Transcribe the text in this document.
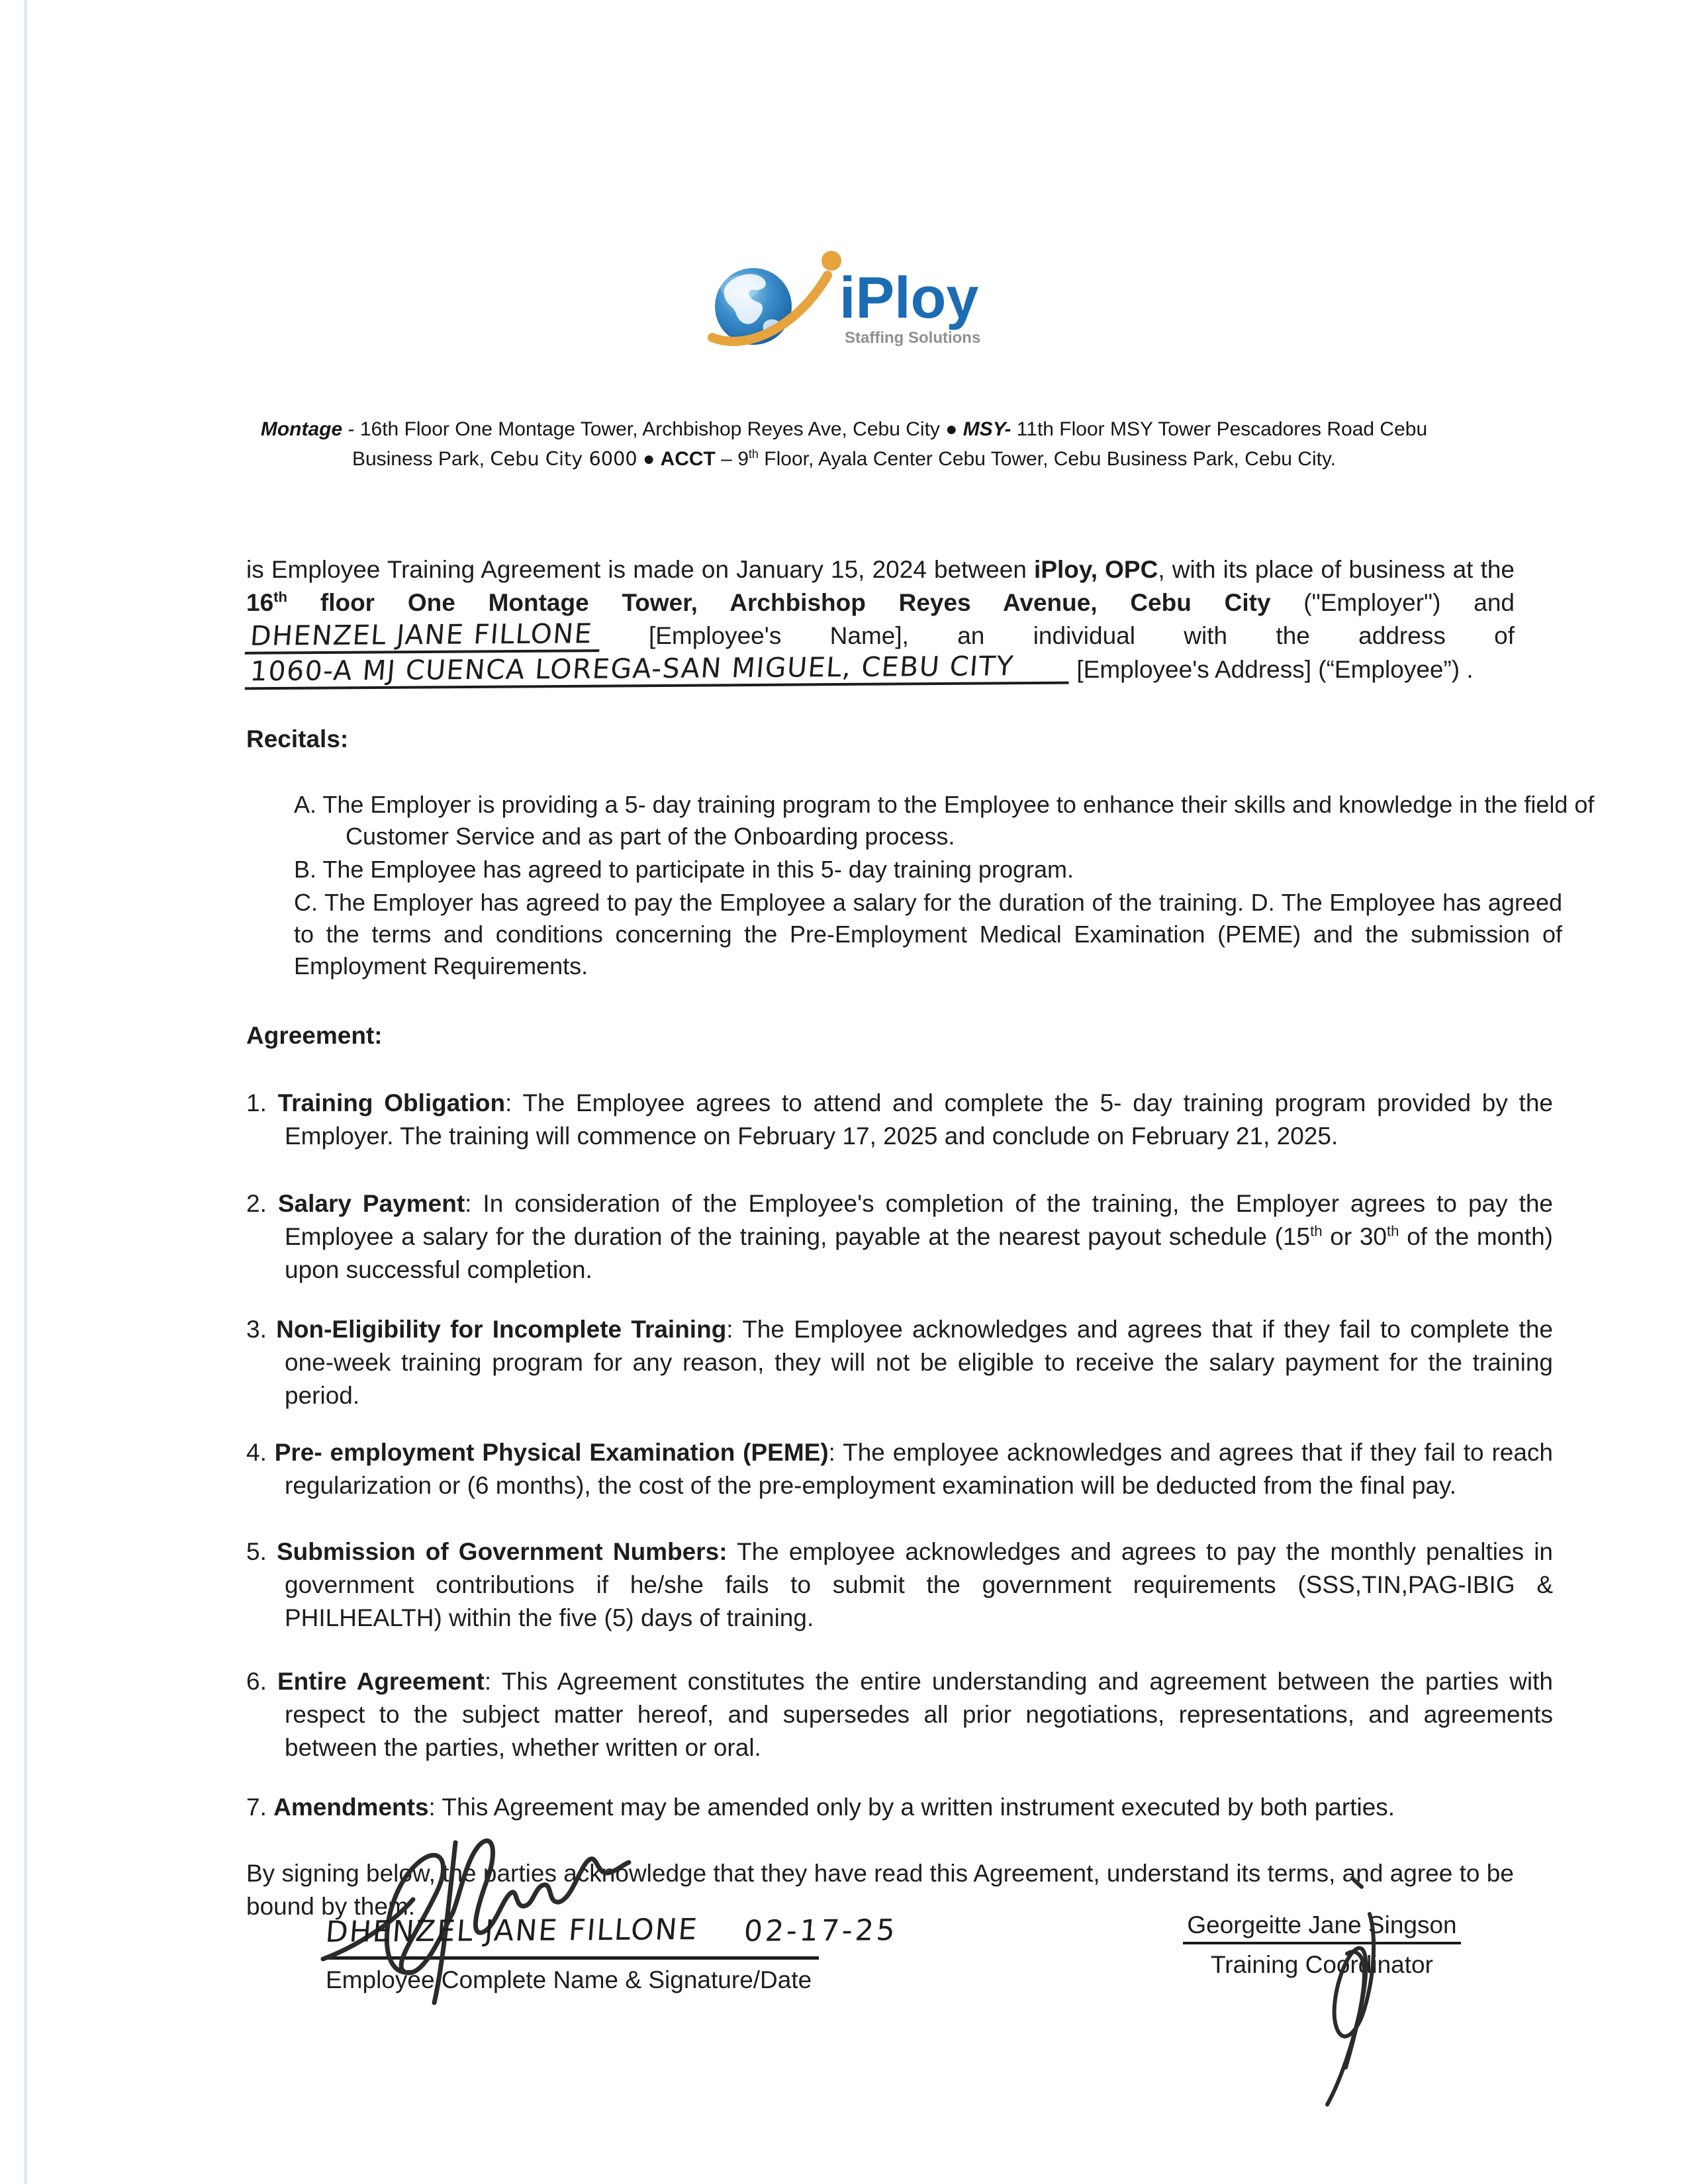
iPloy
Staffing Solutions

Montage - 16th Floor One Montage Tower, Archbishop Reyes Ave, Cebu City ● MSY- 11th Floor MSY Tower Pescadores Road Cebu Business Park, Cebu City 6000 ● ACCT – 9th Floor, Ayala Center Cebu Tower, Cebu Business Park, Cebu City.

is Employee Training Agreement is made on January 15, 2024 between iPloy, OPC, with its place of business at the 16th floor One Montage Tower, Archbishop Reyes Avenue, Cebu City ("Employer") and DHENZEL JANE FILLONE [Employee's Name], an individual with the address of 1060-A MJ CUENCA LOREGA-SAN MIGUEL, CEBU CITY [Employee's Address] (“Employee”) .

Recitals:

A. The Employer is providing a 5- day training program to the Employee to enhance their skills and knowledge in the field of Customer Service and as part of the Onboarding process.

B. The Employee has agreed to participate in this 5- day training program.

C. The Employer has agreed to pay the Employee a salary for the duration of the training. D. The Employee has agreed to the terms and conditions concerning the Pre-Employment Medical Examination (PEME) and the submission of Employment Requirements.

Agreement:

1. Training Obligation: The Employee agrees to attend and complete the 5- day training program provided by the Employer. The training will commence on February 17, 2025 and conclude on February 21, 2025.

2. Salary Payment: In consideration of the Employee's completion of the training, the Employer agrees to pay the Employee a salary for the duration of the training, payable at the nearest payout schedule (15th or 30th of the month) upon successful completion.

3. Non-Eligibility for Incomplete Training: The Employee acknowledges and agrees that if they fail to complete the one-week training program for any reason, they will not be eligible to receive the salary payment for the training period.

4. Pre- employment Physical Examination (PEME): The employee acknowledges and agrees that if they fail to reach regularization or (6 months), the cost of the pre-employment examination will be deducted from the final pay.

5. Submission of Government Numbers: The employee acknowledges and agrees to pay the monthly penalties in government contributions if he/she fails to submit the government requirements (SSS,TIN,PAG-IBIG & PHILHEALTH) within the five (5) days of training.

6. Entire Agreement: This Agreement constitutes the entire understanding and agreement between the parties with respect to the subject matter hereof, and supersedes all prior negotiations, representations, and agreements between the parties, whether written or oral.

7. Amendments: This Agreement may be amended only by a written instrument executed by both parties.

By signing below, the parties acknowledge that they have read this Agreement, understand its terms, and agree to be bound by them.

DHENZEL JANE FILLONE 02-17-25
Employee Complete Name & Signature/Date
Georgeitte Jane Singson
Training Coordinator
